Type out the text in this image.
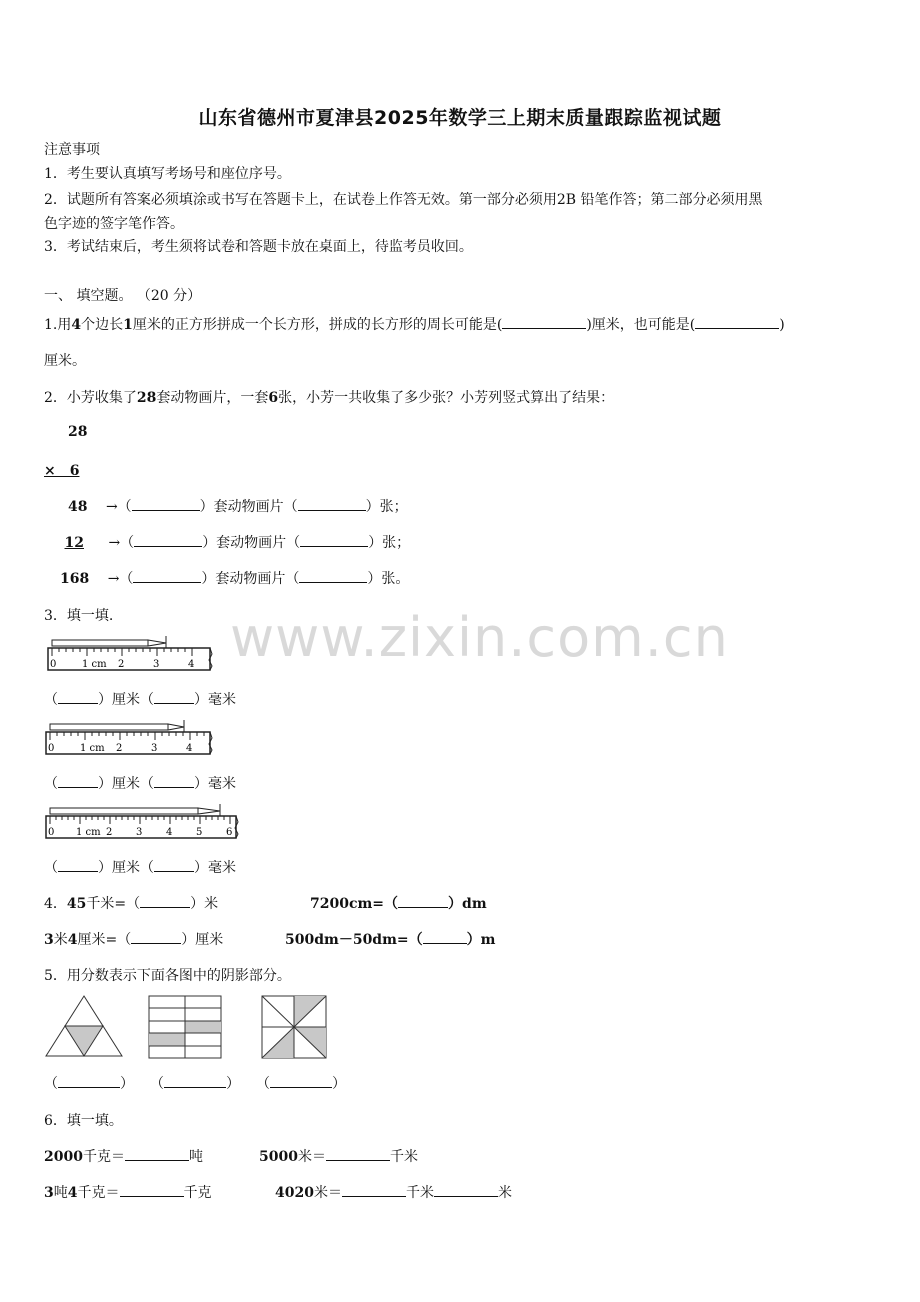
山东省德州市夏津县2025年数学三上期末质量跟踪监视试题
注意事项
1．考生要认真填写考场号和座位序号。
2．试题所有答案必须填涂或书写在答题卡上，在试卷上作答无效。第一部分必须用2B 铅笔作答；第二部分必须用黑
色字迹的签字笔作答。
3．考试结束后，考生须将试卷和答题卡放在桌面上，待监考员收回。
一、 填空题。 （20 分）
1.用4个边长1厘米的正方形拼成一个长方形，拼成的长方形的周长可能是(	)厘米，也可能是(	)
厘米。
2．小芳收集了28套动物画片，一套6张，小芳一共收集了多少张？小芳列竖式算出了结果：
28
×　6
48 →（	）套动物画片（	）张；
12 →（	）套动物画片（	）张；
168 →（	）套动物画片（	）张。
3．填一填.
0	1 cm 2	3	4
（	）厘米（	）毫米
0	1 cm 2	3	4
（	）厘米（	）毫米
0 1 cm 2 3 4 5 6
（	）厘米（	）毫米
4．45千米=（	）米	7200cm=（	）dm
3米4厘米=（	）厘米	500dm－50dm=（	）m
5．用分数表示下面各图中的阴影部分。
（	） （	） （	）
6．填一填。
2000千克＝	吨	5000米＝	千米
3吨4千克＝	千克	4020米＝	千米	米
www.zixin.com.cn
